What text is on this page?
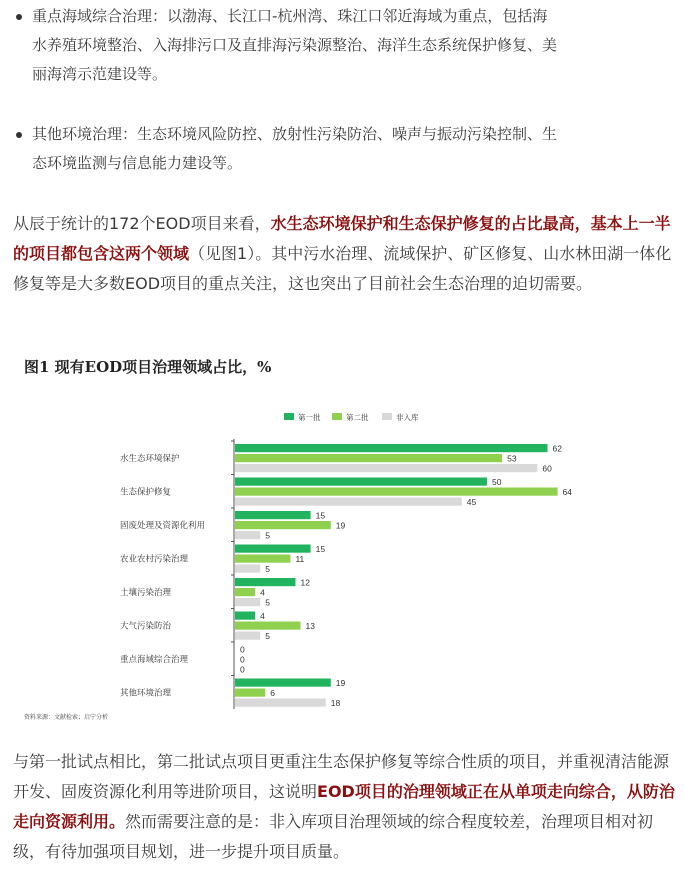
重点海域综合治理：以渤海、长江口-杭州湾、珠江口邻近海域为重点，包括海
水养殖环境整治、入海排污口及直排海污染源整治、海洋生态系统保护修复、美
丽海湾示范建设等。
其他环境治理：生态环境风险防控、放射性污染防治、噪声与振动污染控制、生
态环境监测与信息能力建设等。
从辰于统计的172个EOD项目来看，水生态环境保护和生态保护修复的占比最高，基本上一半的项目都包含这两个领域（见图1）。其中污水治理、流域保护、矿区修复、山水林田湖一体化修复等是大多数EOD项目的重点关注，这也突出了目前社会生态治理的迫切需要。
图1 现有EOD项目治理领域占比，%
第一批	第二批	非入库
水生态环境保护
62
53
60
生态保护修复
50
64
45
固废处理及资源化利用
15
19
5
农业农村污染治理
15
11
5
土壤污染治理
12
4
5
大气污染防治
4
13
5
重点海域综合治理
0
0
0
其他环境治理
19
6
18
资料来源：文献检索；启宁分析
与第一批试点相比，第二批试点项目更重注生态保护修复等综合性质的项目，并重视清洁能源开发、固废资源化利用等进阶项目，这说明EOD项目的治理领域正在从单项走向综合，从防治走向资源利用。然而需要注意的是：非入库项目治理领域的综合程度较差，治理项目相对初级，有待加强项目规划，进一步提升项目质量。
